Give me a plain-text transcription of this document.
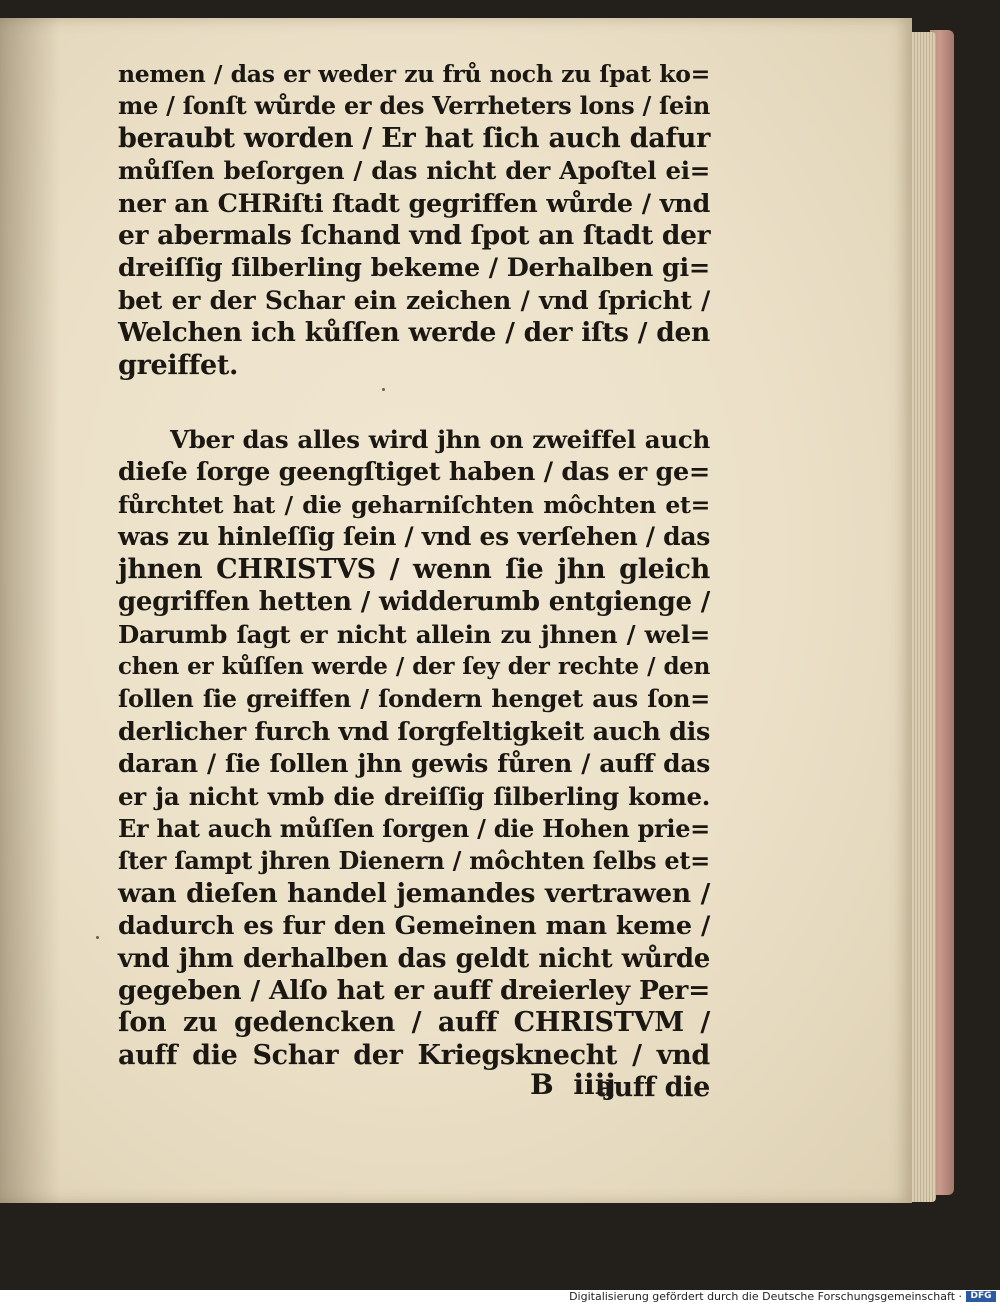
nemen / das er weder zu frů noch zu ſpat ko=
me / ſonſt wůrde er des Verrheters lons / ſein
beraubt worden / Er hat ſich auch dafur
můſſen beſorgen / das nicht der Apoſtel ei=
ner an CHRiſti ſtadt gegriffen wůrde / vnd
er abermals ſchand vnd ſpot an ſtadt der
dreiſſig ſilberling bekeme / Derhalben gi=
bet er der Schar ein zeichen / vnd ſpricht /
Welchen ich kůſſen werde / der iſts / den
greiffet.
Vber das alles wird jhn on zweiffel auch
dieſe ſorge geengſtiget haben / das er ge=
fůrchtet hat / die geharniſchten môchten et=
was zu hinleſſig ſein / vnd es verſehen / das
jhnen CHRISTVS / wenn ſie jhn gleich
gegriffen hetten / widderumb entgienge /
Darumb ſagt er nicht allein zu jhnen / wel=
chen er kůſſen werde / der ſey der rechte / den
ſollen ſie greiffen / ſondern henget aus ſon=
derlicher furch vnd ſorgfeltigkeit auch dis
daran / ſie ſollen jhn gewis fůren / auff das
er ja nicht vmb die dreiſſig ſilberling kome.
Er hat auch můſſen ſorgen / die Hohen prie=
ſter ſampt jhren Dienern / môchten ſelbs et=
wan dieſen handel jemandes vertrawen /
dadurch es fur den Gemeinen man keme /
vnd jhm derhalben das geldt nicht wůrde
gegeben / Alſo hat er auff dreierley Per=
ſon zu gedencken / auff CHRISTVM /
auff die Schar der Kriegsknecht / vnd
auff die
B iiij
Digitalisierung gefördert durch die Deutsche Forschungsgemeinschaft · DFG
